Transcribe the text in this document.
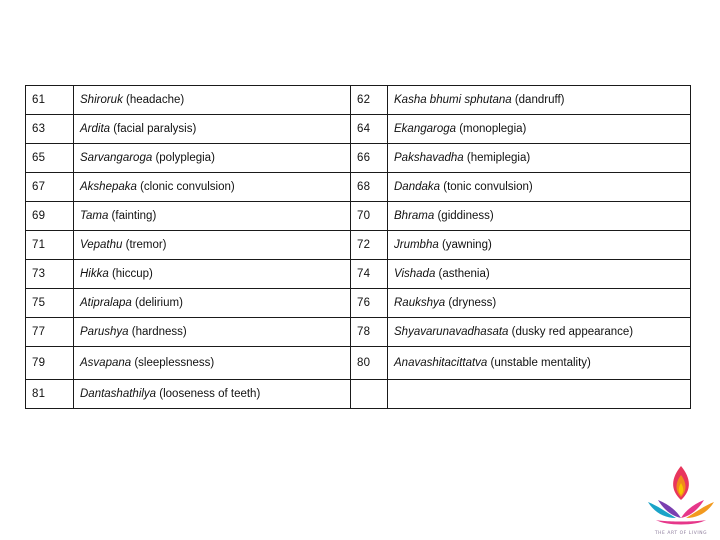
61	Shiroruk (headache)	62	Kasha bhumi sphutana (dandruff)
63	Ardita (facial paralysis)	64	Ekangaroga (monoplegia)
65	Sarvangaroga (polyplegia)	66	Pakshavadha (hemiplegia)
67	Akshepaka (clonic convulsion)	68	Dandaka (tonic convulsion)
69	Tama (fainting)	70	Bhrama (giddiness)
71	Vepathu (tremor)	72	Jrumbha (yawning)
73	Hikka (hiccup)	74	Vishada (asthenia)
75	Atipralapa (delirium)	76	Raukshya (dryness)
77	Parushya (hardness)	78	Shyavarunavadhasata (dusky red appearance)
79	Asvapana (sleeplessness)	80	Anavashitacittatva (unstable mentality)
81	Dantashathilya (looseness of teeth)		
THE ART OF LIVING
